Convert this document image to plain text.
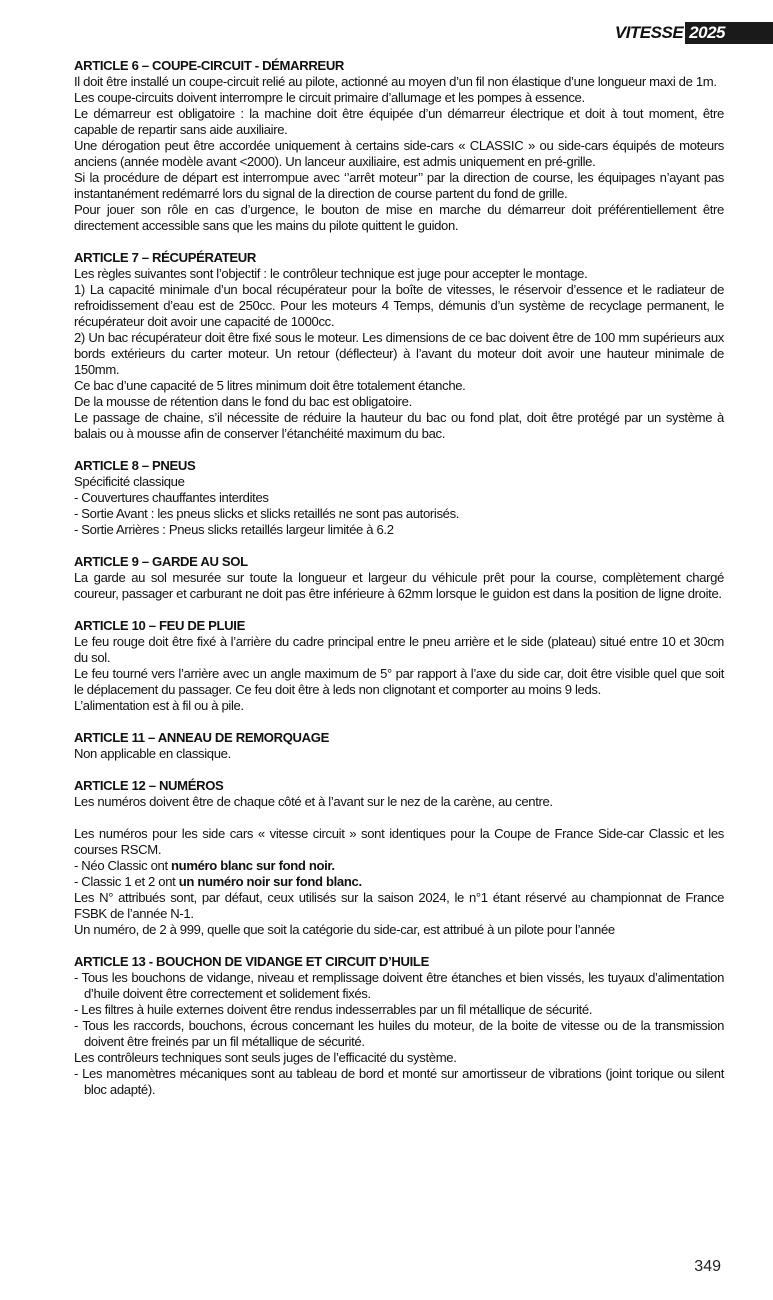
VITESSE 2025
ARTICLE 6 – COUPE-CIRCUIT - DÉMARREUR

Il doit être installé un coupe-circuit relié au pilote, actionné au moyen d’un fil non élastique d’une longueur maxi de 1m.

Les coupe-circuits doivent interrompre le circuit primaire d’allumage et les pompes à essence.

Le démarreur est obligatoire : la machine doit être équipée d’un démarreur électrique et doit à tout moment, être capable de repartir sans aide auxiliaire.

Une dérogation peut être accordée uniquement à certains side-cars « CLASSIC » ou side-cars équipés de moteurs anciens (année modèle avant <2000). Un lanceur auxiliaire, est admis uniquement en pré-grille.

Si la procédure de départ est interrompue avec ‘’arrêt moteur’’ par la direction de course, les équipages n’ayant pas instantanément redémarré lors du signal de la direction de course partent du fond de grille.

Pour jouer son rôle en cas d’urgence, le bouton de mise en marche du démarreur doit préférentiellement être directement accessible sans que les mains du pilote quittent le guidon.

ARTICLE 7 – RÉCUPÉRATEUR

Les règles suivantes sont l’objectif : le contrôleur technique est juge pour accepter le montage.

1) La capacité minimale d’un bocal récupérateur pour la boîte de vitesses, le réservoir d’essence et le radiateur de refroidissement d’eau est de 250cc. Pour les moteurs 4 Temps, démunis d’un système de recyclage permanent, le récupérateur doit avoir une capacité de 1000cc.

2) Un bac récupérateur doit être fixé sous le moteur. Les dimensions de ce bac doivent être de 100 mm supérieurs aux bords extérieurs du carter moteur. Un retour (déflecteur) à l’avant du moteur doit avoir une hauteur minimale de 150mm.

Ce bac d’une capacité de 5 litres minimum doit être totalement étanche.

De la mousse de rétention dans le fond du bac est obligatoire.

Le passage de chaine, s’il nécessite de réduire la hauteur du bac ou fond plat, doit être protégé par un système à balais ou à mousse afin de conserver l’étanchéité maximum du bac.

ARTICLE 8 – PNEUS

Spécificité classique

- Couvertures chauffantes interdites

- Sortie Avant : les pneus slicks et slicks retaillés ne sont pas autorisés.

- Sortie Arrières : Pneus slicks retaillés largeur limitée à 6.2

ARTICLE 9 – GARDE AU SOL

La garde au sol mesurée sur toute la longueur et largeur du véhicule prêt pour la course, complètement chargé coureur, passager et carburant ne doit pas être inférieure à 62mm lorsque le guidon est dans la position de ligne droite.

ARTICLE 10 – FEU DE PLUIE

Le feu rouge doit être fixé à l’arrière du cadre principal entre le pneu arrière et le side (plateau) situé entre 10 et 30cm du sol.

Le feu tourné vers l’arrière avec un angle maximum de 5° par rapport à l’axe du side car, doit être visible quel que soit le déplacement du passager. Ce feu doit être à leds non clignotant et comporter au moins 9 leds.

L’alimentation est à fil ou à pile.

ARTICLE 11 – ANNEAU DE REMORQUAGE

Non applicable en classique.

ARTICLE 12 – NUMÉROS

Les numéros doivent être de chaque côté et à l’avant sur le nez de la carène, au centre.

Les numéros pour les side cars « vitesse circuit » sont identiques pour la Coupe de France Side-car Classic et les courses RSCM.

- Néo Classic ont numéro blanc sur fond noir.

- Classic 1 et 2 ont un numéro noir sur fond blanc.

Les N° attribués sont, par défaut, ceux utilisés sur la saison 2024, le n°1 étant réservé au championnat de France FSBK de l’année N-1.

Un numéro, de 2 à 999, quelle que soit la catégorie du side-car, est attribué à un pilote pour l’année

ARTICLE 13 - BOUCHON DE VIDANGE ET CIRCUIT D’HUILE

- Tous les bouchons de vidange, niveau et remplissage doivent être étanches et bien vissés, les tuyaux d’alimentation d’huile doivent être correctement et solidement fixés.

- Les filtres à huile externes doivent être rendus indesserrables par un fil métallique de sécurité.

- Tous les raccords, bouchons, écrous concernant les huiles du moteur, de la boite de vitesse ou de la transmission doivent être freinés par un fil métallique de sécurité.

Les contrôleurs techniques sont seuls juges de l’efficacité du système.

- Les manomètres mécaniques sont au tableau de bord et monté sur amortisseur de vibrations (joint torique ou silent bloc adapté).

349
